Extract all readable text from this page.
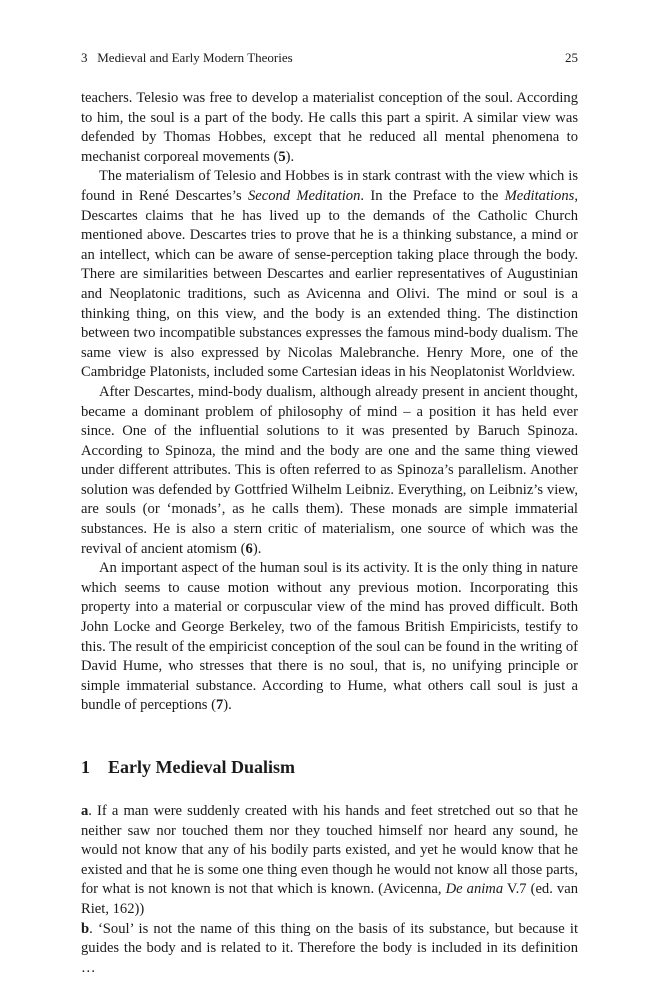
3   Medieval and Early Modern Theories	25

teachers. Telesio was free to develop a materialist conception of the soul. According to him, the soul is a part of the body. He calls this part a spirit. A similar view was defended by Thomas Hobbes, except that he reduced all mental phenomena to mechanist corporeal movements (5).

The materialism of Telesio and Hobbes is in stark contrast with the view which is found in René Descartes’s Second Meditation. In the Preface to the Meditations, Descartes claims that he has lived up to the demands of the Catholic Church mentioned above. Descartes tries to prove that he is a thinking substance, a mind or an intellect, which can be aware of sense-perception taking place through the body. There are similarities between Descartes and earlier representatives of Augustinian and Neoplatonic traditions, such as Avicenna and Olivi. The mind or soul is a thinking thing, on this view, and the body is an extended thing. The distinction between two incompatible substances expresses the famous mind-body dualism. The same view is also expressed by Nicolas Malebranche. Henry More, one of the Cambridge Platonists, included some Cartesian ideas in his Neoplatonist Worldview.

After Descartes, mind-body dualism, although already present in ancient thought, became a dominant problem of philosophy of mind – a position it has held ever since. One of the influential solutions to it was presented by Baruch Spinoza. According to Spinoza, the mind and the body are one and the same thing viewed under different attributes. This is often referred to as Spinoza’s parallelism. Another solution was defended by Gottfried Wilhelm Leibniz. Everything, on Leibniz’s view, are souls (or ‘monads’, as he calls them). These monads are simple immaterial substances. He is also a stern critic of materialism, one source of which was the revival of ancient atomism (6).

An important aspect of the human soul is its activity. It is the only thing in nature which seems to cause motion without any previous motion. Incorporating this property into a material or corpuscular view of the mind has proved difficult. Both John Locke and George Berkeley, two of the famous British Empiricists, testify to this. The result of the empiricist conception of the soul can be found in the writing of David Hume, who stresses that there is no soul, that is, no unifying principle or simple immaterial substance. According to Hume, what others call soul is just a bundle of perceptions (7).

1 Early Medieval Dualism

a. If a man were suddenly created with his hands and feet stretched out so that he neither saw nor touched them nor they touched himself nor heard any sound, he would not know that any of his bodily parts existed, and yet he would know that he existed and that he is some one thing even though he would not know all those parts, for what is not known is not that which is known. (Avicenna, De anima V.7 (ed. van Riet, 162))

b. ‘Soul’ is not the name of this thing on the basis of its substance, but because it guides the body and is related to it. Therefore the body is included in its definition …
